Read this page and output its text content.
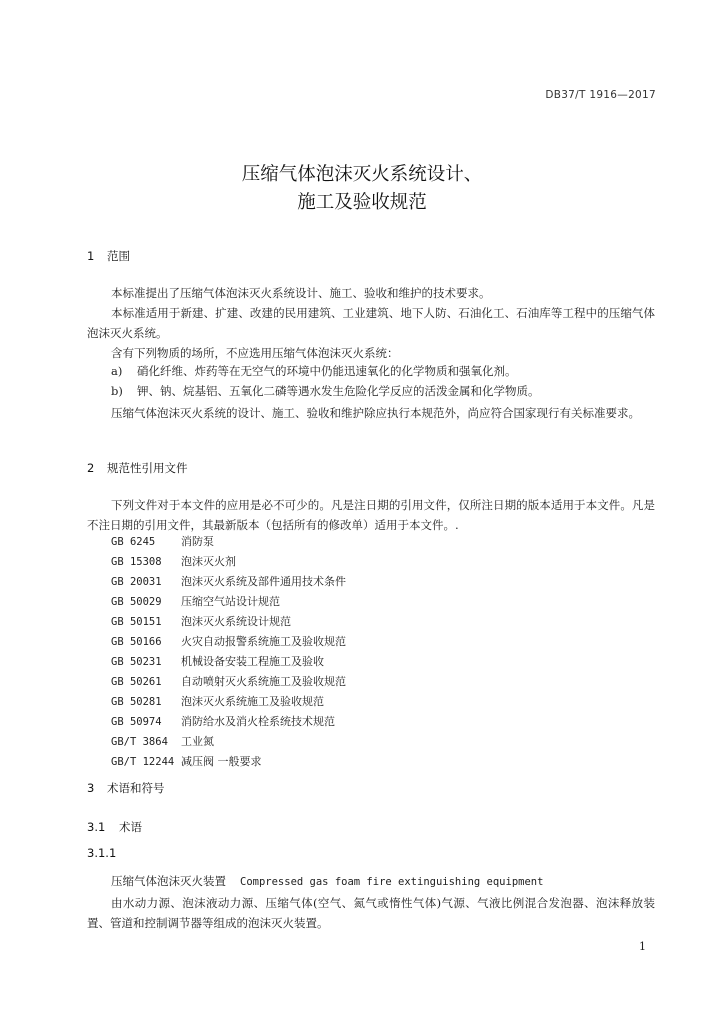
DB37/T 1916—2017
压缩气体泡沫灭火系统设计、
施工及验收规范
1 范围
本标准提出了压缩气体泡沫灭火系统设计、施工、验收和维护的技术要求。
本标准适用于新建、扩建、改建的民用建筑、工业建筑、地下人防、石油化工、石油库等工程中的压缩气体泡沫灭火系统。
含有下列物质的场所，不应选用压缩气体泡沫灭火系统：
a) 硝化纤维、炸药等在无空气的环境中仍能迅速氧化的化学物质和强氧化剂。
b) 钾、钠、烷基铝、五氧化二磷等遇水发生危险化学反应的活泼金属和化学物质。
压缩气体泡沫灭火系统的设计、施工、验收和维护除应执行本规范外，尚应符合国家现行有关标准要求。
2 规范性引用文件
下列文件对于本文件的应用是必不可少的。凡是注日期的引用文件，仅所注日期的版本适用于本文件。凡是不注日期的引用文件，其最新版本（包括所有的修改单）适用于本文件。.
GB 6245 消防泵
GB 15308 泡沫灭火剂
GB 20031 泡沫灭火系统及部件通用技术条件
GB 50029 压缩空气站设计规范
GB 50151 泡沫灭火系统设计规范
GB 50166 火灾自动报警系统施工及验收规范
GB 50231 机械设备安装工程施工及验收
GB 50261 自动喷射灭火系统施工及验收规范
GB 50281 泡沫灭火系统施工及验收规范
GB 50974 消防给水及消火栓系统技术规范
GB/T 3864 工业氮
GB/T 12244 减压阀 一般要求
3 术语和符号
3.1 术语
3.1.1
压缩气体泡沫灭火装置 Compressed gas foam fire extinguishing equipment
由水动力源、泡沫液动力源、压缩气体(空气、氮气或惰性气体)气源、气液比例混合发泡器、泡沫释放装置、管道和控制调节器等组成的泡沫灭火装置。
1
